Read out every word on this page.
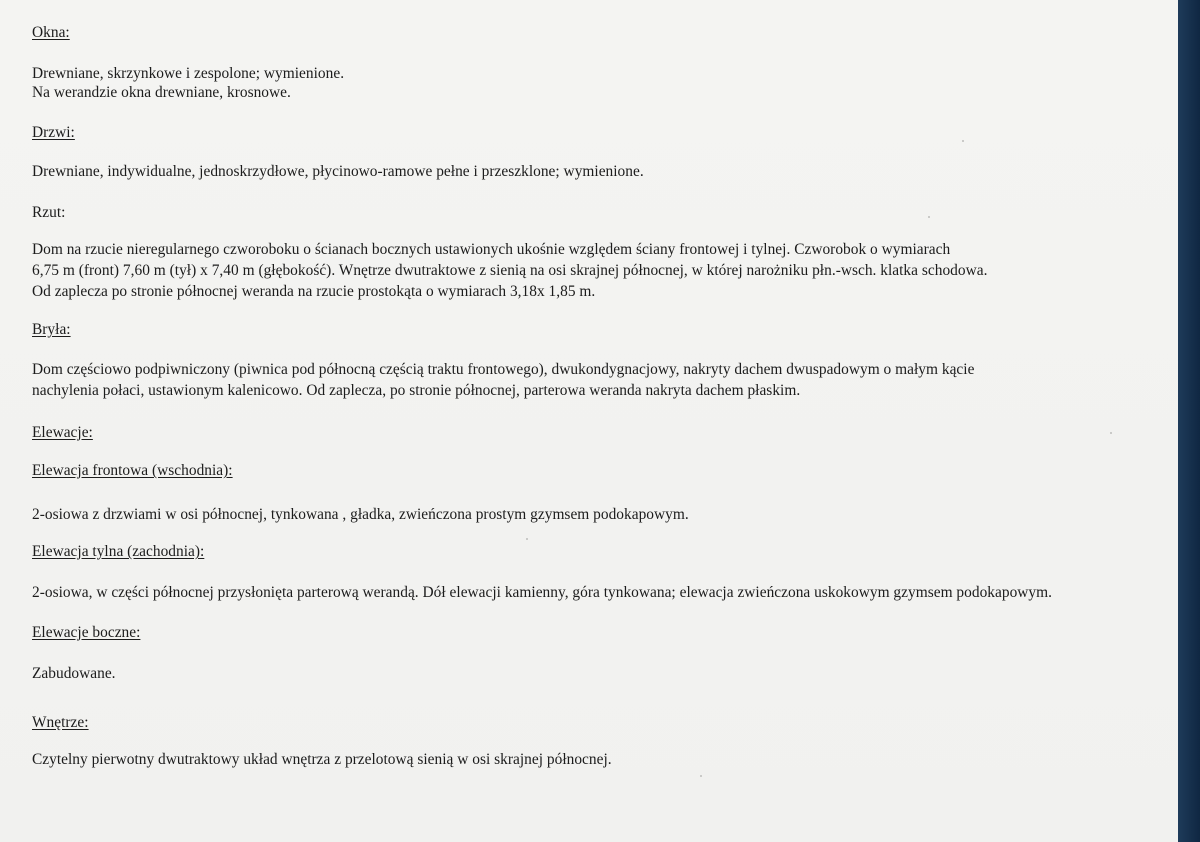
Okna:
Drewniane, skrzynkowe i zespolone; wymienione.
Na werandzie okna drewniane, krosnowe.
Drzwi:
Drewniane, indywidualne, jednoskrzydłowe, płycinowo-ramowe pełne i przeszklone; wymienione.
Rzut:
Dom na rzucie nieregularnego czworoboku o ścianach bocznych ustawionych ukośnie względem ściany frontowej i tylnej. Czworobok o wymiarach
6,75 m (front) 7,60 m (tył) x 7,40 m (głębokość). Wnętrze dwutraktowe z sienią na osi skrajnej północnej, w której narożniku płn.-wsch. klatka schodowa.
Od zaplecza po stronie północnej weranda na rzucie prostokąta o wymiarach 3,18x 1,85 m.
Bryła:
Dom częściowo podpiwniczony (piwnica pod północną częścią traktu frontowego), dwukondygnacjowy, nakryty dachem dwuspadowym o małym kącie
nachylenia połaci, ustawionym kalenicowo. Od zaplecza, po stronie północnej, parterowa weranda nakryta dachem płaskim.
Elewacje:
Elewacja frontowa (wschodnia):
2-osiowa z drzwiami w osi północnej, tynkowana , gładka, zwieńczona prostym gzymsem podokapowym.
Elewacja tylna (zachodnia):
2-osiowa, w części północnej przysłonięta parterową werandą. Dół elewacji kamienny, góra tynkowana; elewacja zwieńczona uskokowym gzymsem podokapowym.
Elewacje boczne:
Zabudowane.
Wnętrze:
Czytelny pierwotny dwutraktowy układ wnętrza z przelotową sienią w osi skrajnej północnej.
